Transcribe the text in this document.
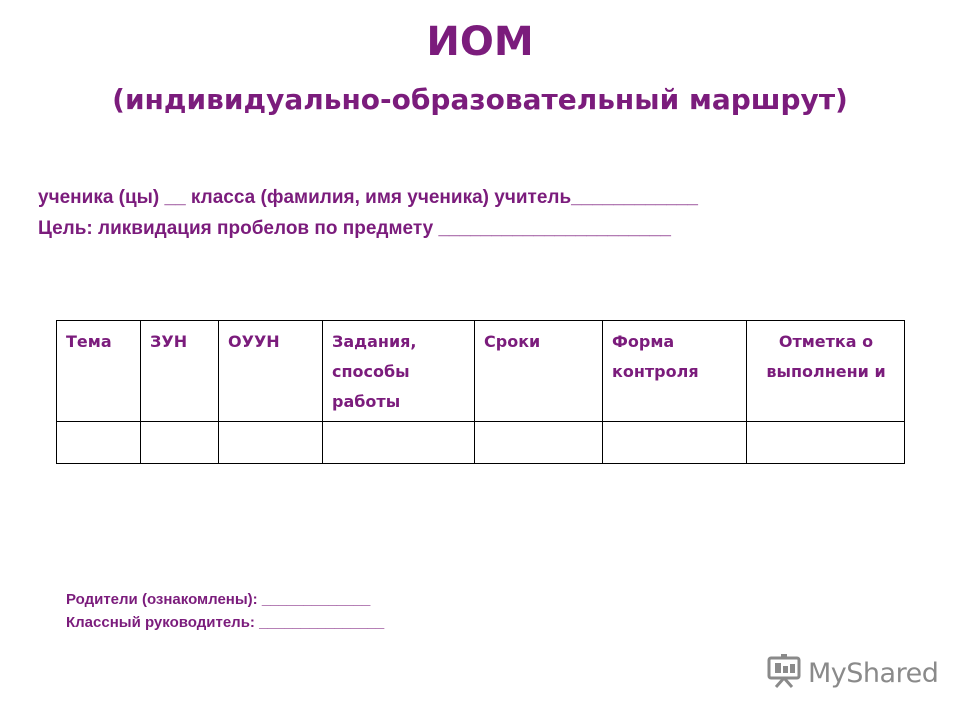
ИОМ
(индивидуально-образовательный маршрут)
ученика (цы) __ класса (фамилия, имя ученика) учитель____________
Цель: ликвидация пробелов по предмету ______________________
Тема	ЗУН	ОУУН	Задания, способы работы	Сроки	Форма контроля	Отметка о выполнени и

Родители (ознакомлены): _____________
Классный руководитель: _______________
MyShared
